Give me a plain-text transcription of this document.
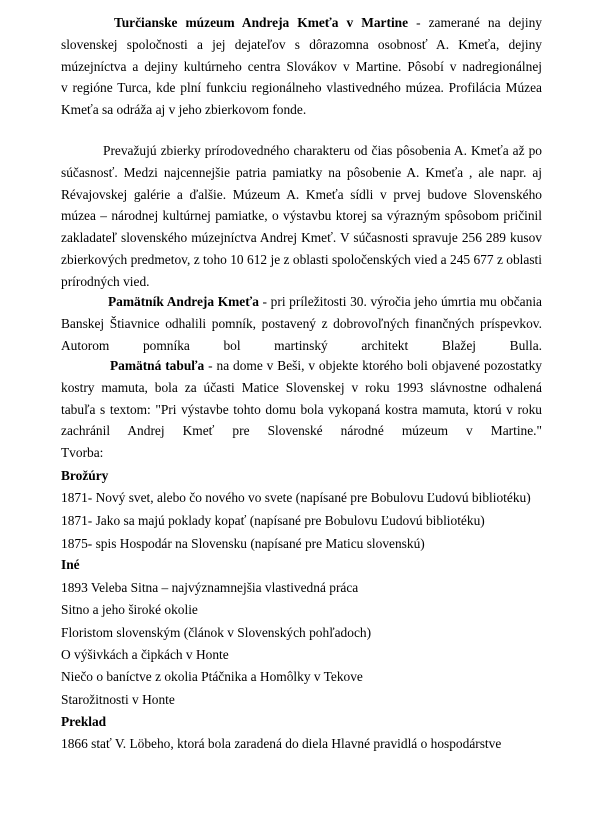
Turčianske múzeum Andreja Kmeťa v Martine - zamerané na dejiny
slovenskej spoločnosti a jej dejateľov s dôrazomna osobnosť A. Kmeťa, dejiny
múzejníctva a dejiny kultúrneho centra Slovákov v Martine. Pôsobí v nadregionálnej
v regióne Turca, kde plní funkciu regionálneho vlastivedného múzea. Profilácia Múzea
Kmeťa sa odráža aj v jeho zbierkovom fonde.
Prevažujú zbierky prírodovedného charakteru od čias pôsobenia A. Kmeťa až po
súčasnosť. Medzi najcennejšie patria pamiatky na pôsobenie A. Kmeťa , ale napr. aj
Révajovskej galérie a ďalšie. Múzeum A. Kmeťa sídli v prvej budove Slovenského
múzea – národnej kultúrnej pamiatke, o výstavbu ktorej sa výrazným spôsobom pričinil
zakladateľ slovenského múzejníctva Andrej Kmeť. V súčasnosti spravuje 256 289 kusov
zbierkových predmetov, z toho 10 612 je z oblasti spoločenských vied a 245 677 z oblasti
prírodných vied.
Pamätník Andreja Kmeťa - pri príležitosti 30. výročia jeho úmrtia mu občania
Banskej Štiavnice odhalili pomník, postavený z dobrovoľných finančných príspevkov.
Autorom pomníka bol martinský architekt Blažej Bulla.
Pamätná tabuľa - na dome v Beši, v objekte ktorého boli objavené pozostatky
kostry mamuta, bola za účasti Matice Slovenskej v roku 1993 slávnostne odhalená
tabuľa s textom: "Pri výstavbe tohto domu bola vykopaná kostra mamuta, ktorú v roku
zachránil Andrej Kmeť pre Slovenské národné múzeum v Martine."
Tvorba:
Brožúry
1871- Nový svet, alebo čo nového vo svete (napísané pre Bobulovu Ľudovú bibliotéku)
1871- Jako sa majú poklady kopať (napísané pre Bobulovu Ľudovú bibliotéku)
1875- spis Hospodár na Slovensku (napísané pre Maticu slovenskú)
Iné
1893 Veleba Sitna – najvýznamnejšia vlastivedná práca
Sitno a jeho široké okolie
Floristom slovenským (článok v Slovenských pohľadoch)
O výšivkách a čipkách v Honte
Niečo o baníctve z okolia Ptáčnika a Homôlky v Tekove
Starožitnosti v Honte
Preklad
1866 stať V. Löbeho, ktorá bola zaradená do diela Hlavné pravidlá o hospodárstve
